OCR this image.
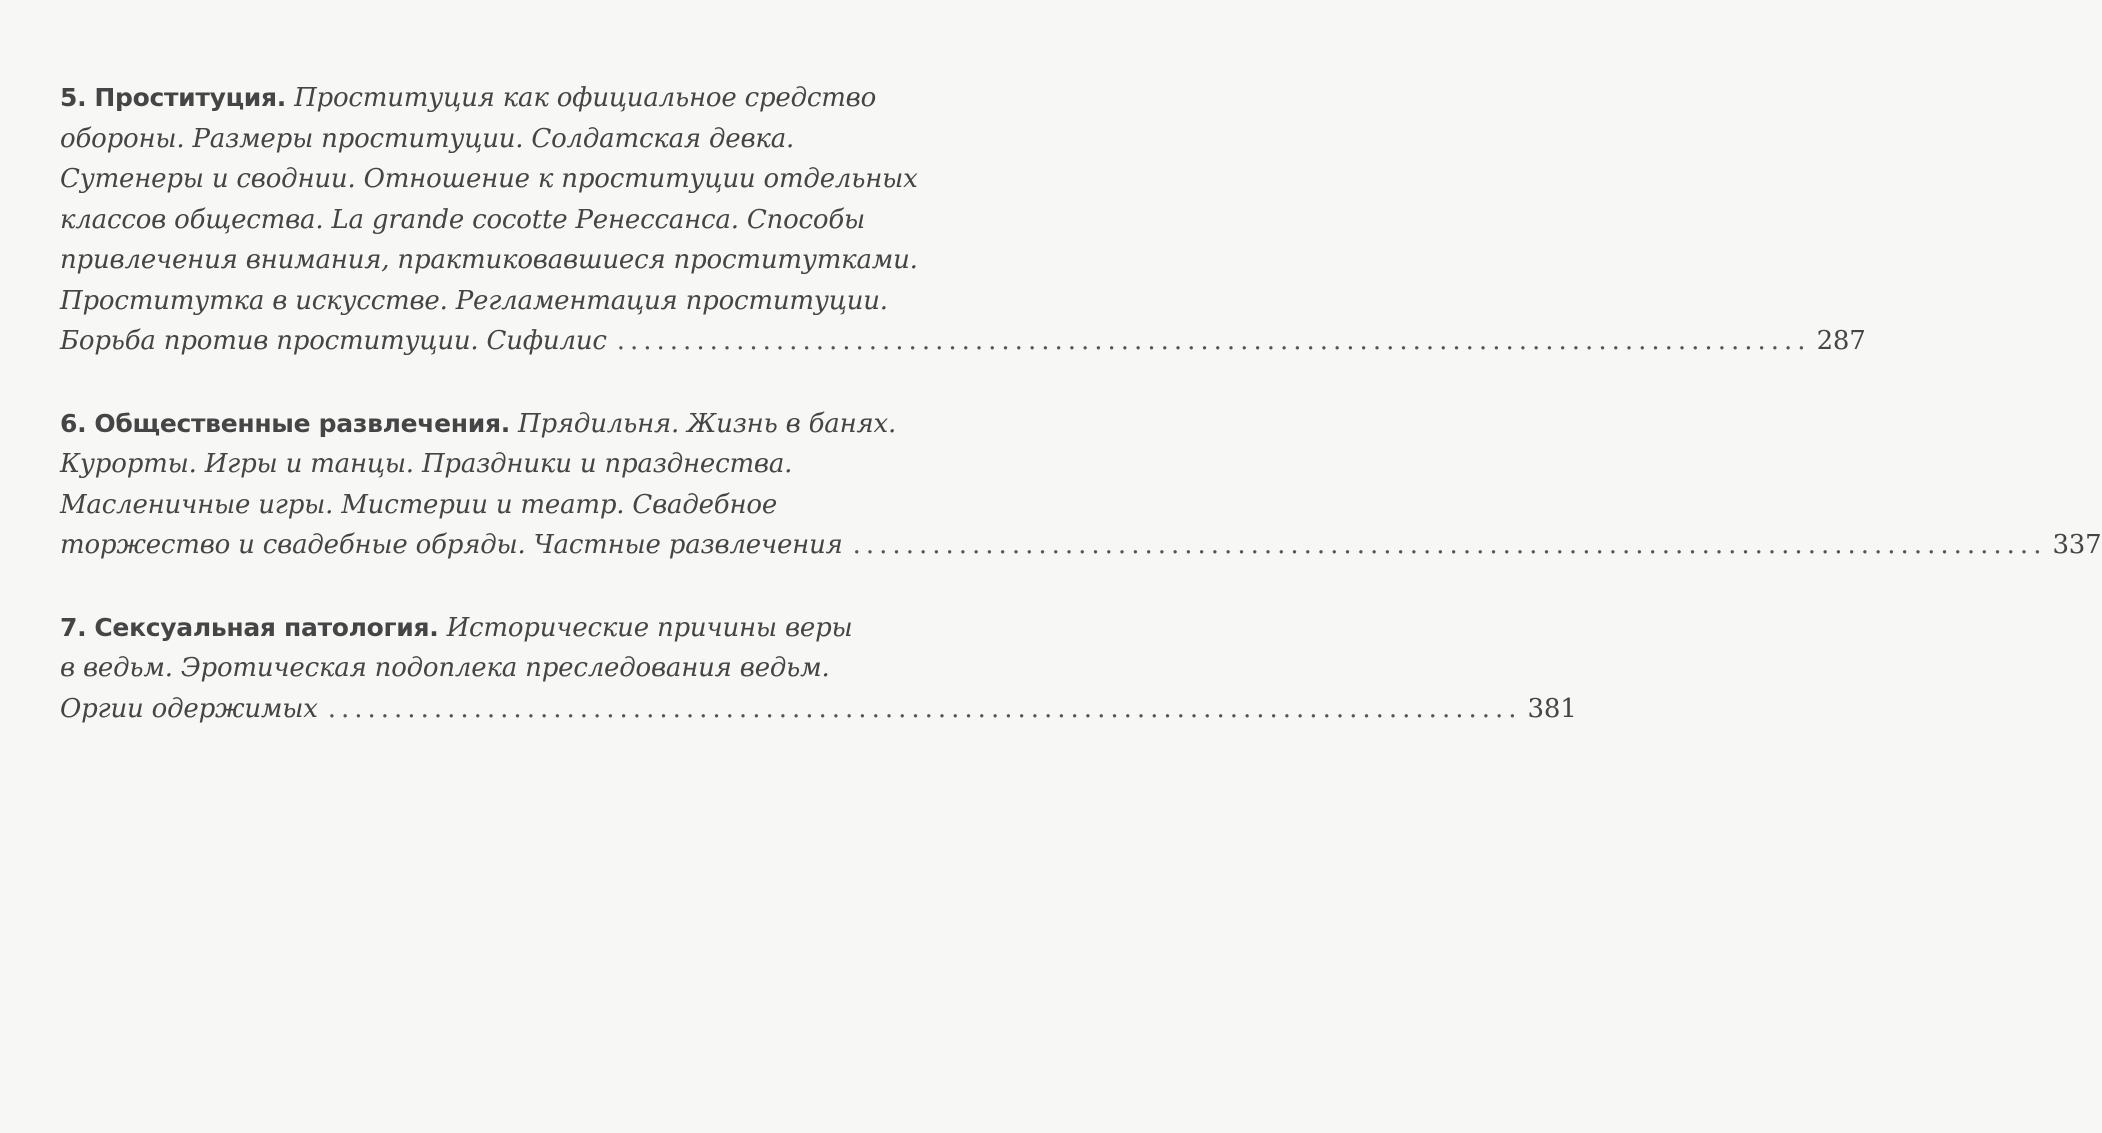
5. Проституция. Проституция как официальное средство
обороны. Размеры проституции. Солдатская девка.
Сутенеры и своднии. Отношение к проституции отдельных
классов общества. La grande cocotte Ренессанса. Способы
привлечения внимания, практиковавшиеся проститутками.
Проститутка в искусстве. Регламентация проституции.
Борьба против проституции. Сифилис .......................................................................................... 287
6. Общественные развлечения. Прядильня. Жизнь в банях.
Курорты. Игры и танцы. Праздники и празднества.
Масленичные игры. Мистерии и театр. Свадебное
торжество и свадебные обряды. Частные развлечения .......................................................................................... 337
7. Сексуальная патология. Исторические причины веры
в ведьм. Эротическая подоплека преследования ведьм.
Оргии одержимых .......................................................................................... 381
